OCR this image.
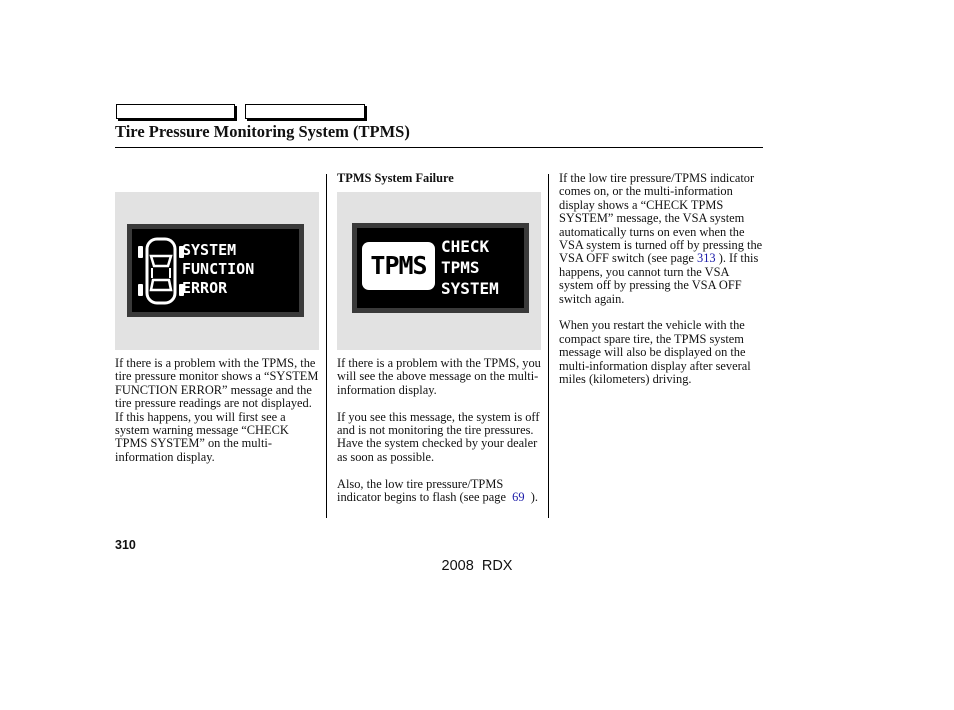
Tire Pressure Monitoring System (TPMS)
SYSTEM
FUNCTION
ERROR

If there is a problem with the TPMS, the tire pressure monitor shows a “SYSTEM FUNCTION ERROR” message and the tire pressure readings are not displayed. If this happens, you will first see a system warning message “CHECK TPMS SYSTEM” on the multi-information display.

TPMS System Failure
TPMS
CHECK
TPMS
SYSTEM

If there is a problem with the TPMS, you will see the above message on the multi-information display.

If you see this message, the system is off and is not monitoring the tire pressures. Have the system checked by your dealer as soon as possible.

Also, the low tire pressure/TPMS indicator begins to flash (see page 69 ).

If the low tire pressure/TPMS indicator comes on, or the multi-information display shows a “CHECK TPMS SYSTEM” message, the VSA system automatically turns on even when the VSA system is turned off by pressing the VSA OFF switch (see page 313 ). If this happens, you cannot turn the VSA system off by pressing the VSA OFF switch again.

When you restart the vehicle with the compact spare tire, the TPMS system message will also be displayed on the multi-information display after several miles (kilometers) driving.

310
2008  RDX
